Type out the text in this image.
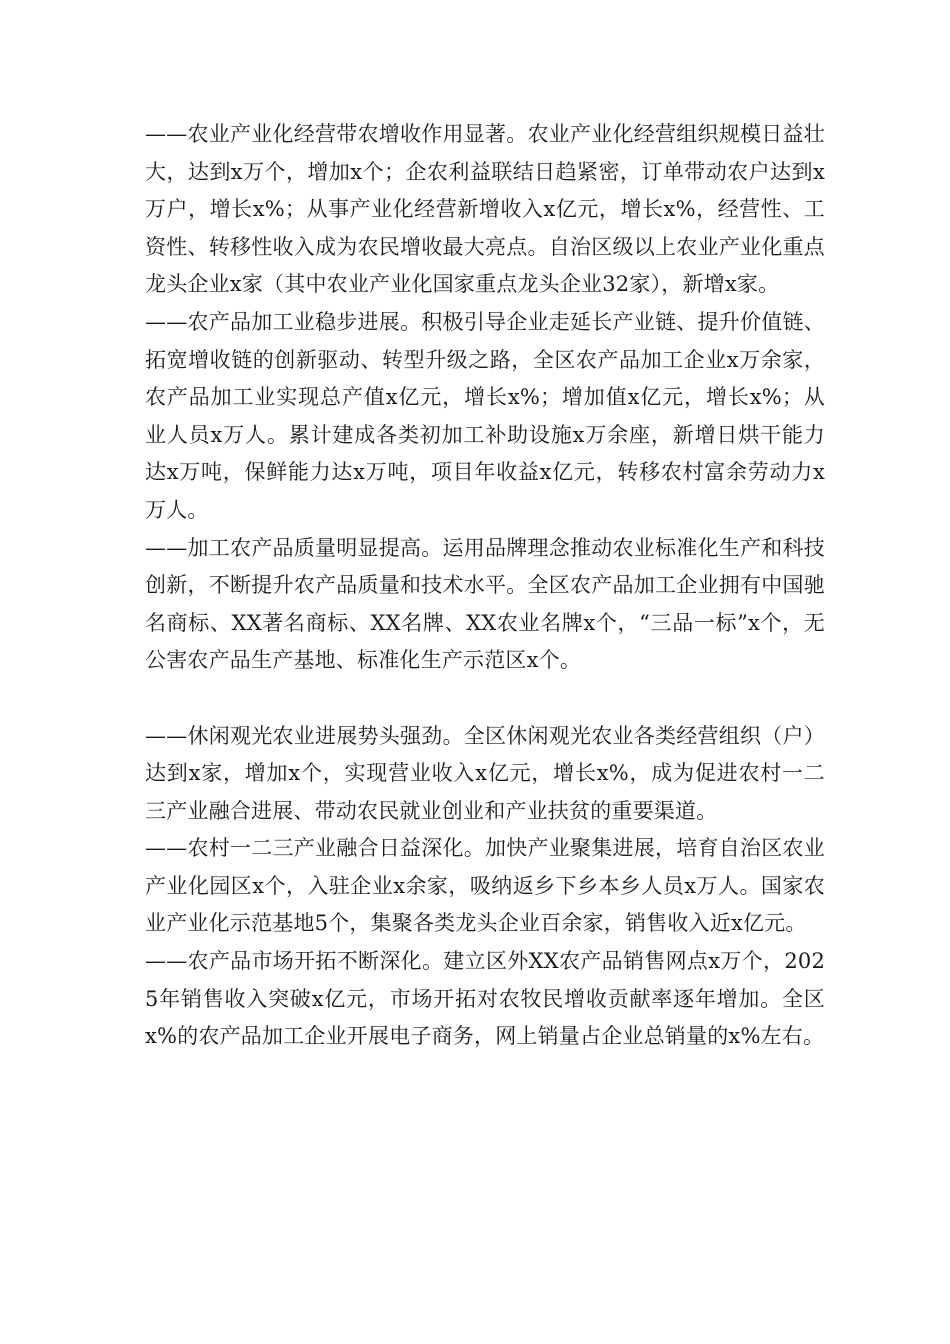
——农业产业化经营带农增收作用显著。农业产业化经营组织规模日益壮大，达到x万个，增加x个；企农利益联结日趋紧密，订单带动农户达到x万户，增长x%；从事产业化经营新增收入x亿元，增长x%，经营性、工资性、转移性收入成为农民增收最大亮点。自治区级以上农业产业化重点龙头企业x家（其中农业产业化国家重点龙头企业32家），新增x家。

——农产品加工业稳步进展。积极引导企业走延长产业链、提升价值链、拓宽增收链的创新驱动、转型升级之路，全区农产品加工企业x万余家，农产品加工业实现总产值x亿元，增长x%；增加值x亿元，增长x%；从业人员x万人。累计建成各类初加工补助设施x万余座，新增日烘干能力达x万吨，保鲜能力达x万吨，项目年收益x亿元，转移农村富余劳动力x万人。

——加工农产品质量明显提高。运用品牌理念推动农业标准化生产和科技创新，不断提升农产品质量和技术水平。全区农产品加工企业拥有中国驰名商标、XX著名商标、XX名牌、XX农业名牌x个，“三品一标”x个，无公害农产品生产基地、标准化生产示范区x个。

——休闲观光农业进展势头强劲。全区休闲观光农业各类经营组织（户）达到x家，增加x个，实现营业收入x亿元，增长x%，成为促进农村一二三产业融合进展、带动农民就业创业和产业扶贫的重要渠道。

——农村一二三产业融合日益深化。加快产业聚集进展，培育自治区农业产业化园区x个，入驻企业x余家，吸纳返乡下乡本乡人员x万人。国家农业产业化示范基地5个，集聚各类龙头企业百余家，销售收入近x亿元。

——农产品市场开拓不断深化。建立区外XX农产品销售网点x万个，2025年销售收入突破x亿元，市场开拓对农牧民增收贡献率逐年增加。全区x%的农产品加工企业开展电子商务，网上销量占企业总销量的x%左右。
